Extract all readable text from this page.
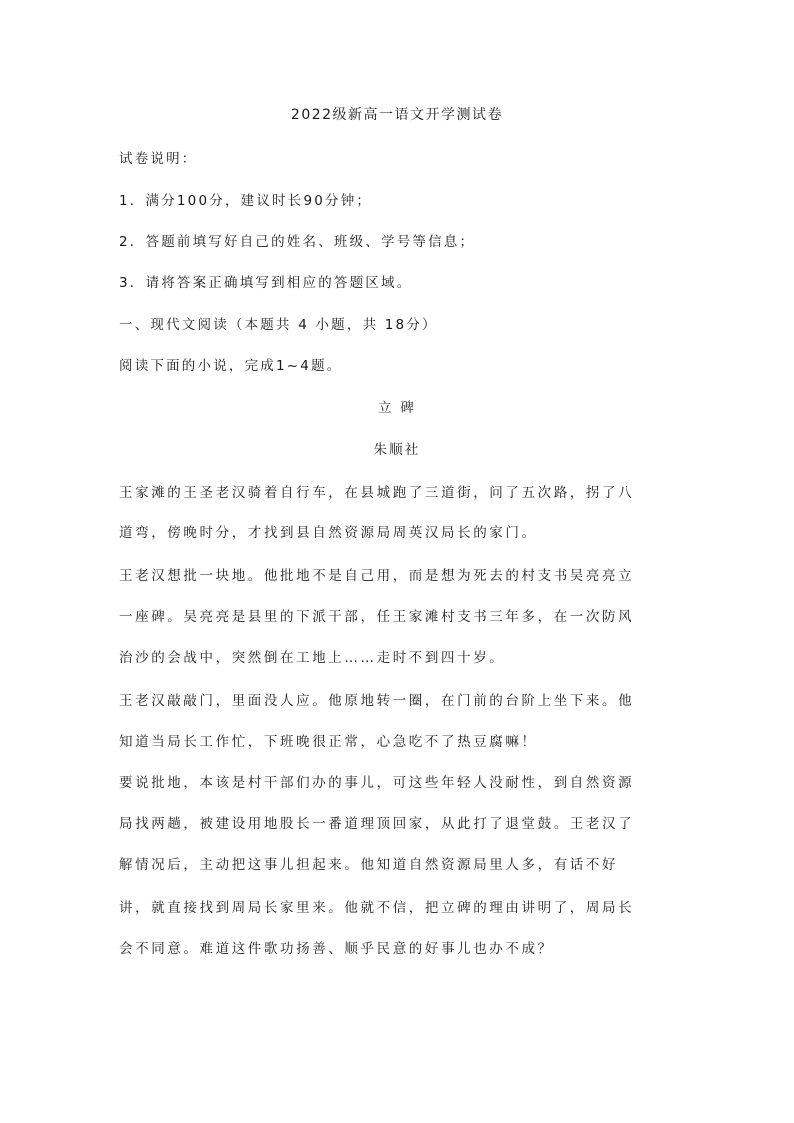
2022级新高一语文开学测试卷
试卷说明：
1．满分100分，建议时长90分钟；
2．答题前填写好自己的姓名、班级、学号等信息；
3．请将答案正确填写到相应的答题区域。
一、现代文阅读（本题共 4 小题，共 18分）
阅读下面的小说，完成1~4题。
立 碑
朱顺社
王家滩的王圣老汉骑着自行车，在县城跑了三道街，问了五次路，拐了八
道弯，傍晚时分，才找到县自然资源局周英汉局长的家门。
王老汉想批一块地。他批地不是自己用，而是想为死去的村支书吴亮亮立
一座碑。吴亮亮是县里的下派干部，任王家滩村支书三年多，在一次防风
治沙的会战中，突然倒在工地上……走时不到四十岁。
王老汉敲敲门，里面没人应。他原地转一圈，在门前的台阶上坐下来。他
知道当局长工作忙，下班晚很正常，心急吃不了热豆腐嘛！
要说批地，本该是村干部们办的事儿，可这些年轻人没耐性，到自然资源
局找两趟，被建设用地股长一番道理顶回家，从此打了退堂鼓。王老汉了
解情况后，主动把这事儿担起来。他知道自然资源局里人多，有话不好
讲，就直接找到周局长家里来。他就不信，把立碑的理由讲明了，周局长
会不同意。难道这件歌功扬善、顺乎民意的好事儿也办不成？
